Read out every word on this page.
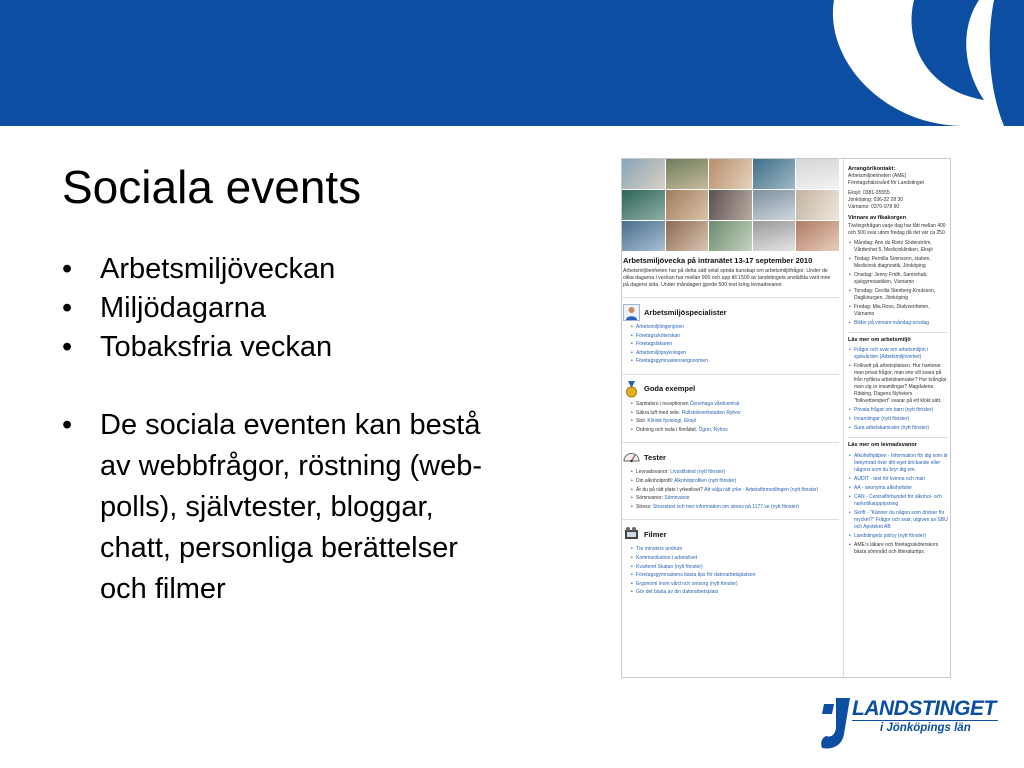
Sociala events
• Arbetsmiljöveckan
• Miljödagarna
• Tobaksfria veckan
• De sociala eventen kan bestå
av webbfrågor, röstning (web-
polls), självtester, bloggar,
chatt, personliga berättelser
och filmer
Arbetsmiljövecka på intranätet 13-17 september 2010
Arbetsmiljöenheten har på detta sätt velat sprida kunskap om arbetsmiljöfrågor. Under de olika dagarna i veckan har mellan 900 och upp till 1500 av landstingets anställda varit inne på dagens sida. Under måndagen gjorde 500 test kring levnadsvanor.
Arbetsmiljöspecialister
• Arbetsmiljöingenjören
• Företagssköterskan
• Företagsläkaren
• Arbetsmiljöpsykologen
• Företagsgymnastensergonomen
Goda exempel
• Samtalsro i receptionen Öxnehaga vårdcentral
• Säkra luft med sele. Rullstolsverkstaden Ryhov
• Stol. Klinisk fysiologi, Eksjö
• Ordning och reda i förrådet. Ögon, Ryhov
Tester
• Levnadsvanor: Livsstilstest (nytt fönster)
• Din alkoholprofil: Alkoholprofilen (nytt fönster)
• Är du på rätt plats i yrkeslivet? Att välja rätt yrke - Arbetsförmedlingen (nytt fönster)
• Sömnvanor: Sömnvanor
• Stress: Stresstest och mer information om stress på 1177.se (nytt fönster)
Filmer
• Tre minuters andrum
• Kommunikation i arbetslivet
• Kvarteret Skatan (nytt fönster)
• Företagsgymnastens bästa tips för datorarbetsplatsen
• Ergonomi inom vård och omsorg (nytt fönster)
• Gör det bästa av din datorarbetsplats
Arrangör/kontakt:
Arbetsmiljöenheten (AME)
Företagshälsovård för Landstinget
Eksjö: 0381-35555
Jönköping: 036-32 28 30
Värnamo: 0370-978 90
Vinnare av fikakorgen
Tävlingsfrågan varje dag har fått mellan 400 och 500 svar utom fredag då det var ca 250.
• Måndag: Ann du Rietz Söderström, Vårdenhet 5, Medicinkliniken, Eksjö
• Tisdag: Pernilla Svensson, staben, Medicinsk diagnostik, Jönköping
• Onsdag: Jenny Fridh, Samrehab, sjukgymnastiken, Värnamo
• Torsdag: Cecilia Stenberg-Knutsson, Daglkirurgen, Jönköping
• Fredag: Mia Roos, Dialysenheten, Värnamo
• Bilder på vinnare måndag-onsdag
Läs mer om arbetsmiljö
• Frågor och svar om arbetsmiljön i sjukvården (Arbetsmiljöverket)
• Folkvett på arbetsplatsen. Hur hanterar man privat frågor, man inte vill svara på från nyfikna arbetskamrater? Hur krånglar man sig ur insamlingar? Magdalena Ribbing, Dagens Nyheters "folkvettsexpert" svarar på ett klokt sätt.
• Privata frågor om barn (nytt fönster)
• Insamlingar (nytt fönster)
• Sura arbetskamrater (nytt fönster)
Läs mer om levnadsvanor
• Alkoholhjälpen - Information för dig som är bekymrad över ditt eget drickande eller någons som du bryr dig om.
• AUDIT - test för kvinna och man
• AA - anonyma alkoholister
• CAN - Centralförbundet för alkohol- och narkotikaupplysning
• Skrift - "Känner du någon som dricker för mycket?" Frågor och svar, utgiven av SBU och Apoteket AB
• Landstingets policy (nytt fönster)
• AME:s läkare och företagssköterskors bästa sömnråd och litteraturtips.
LANDSTINGET
i Jönköpings län
